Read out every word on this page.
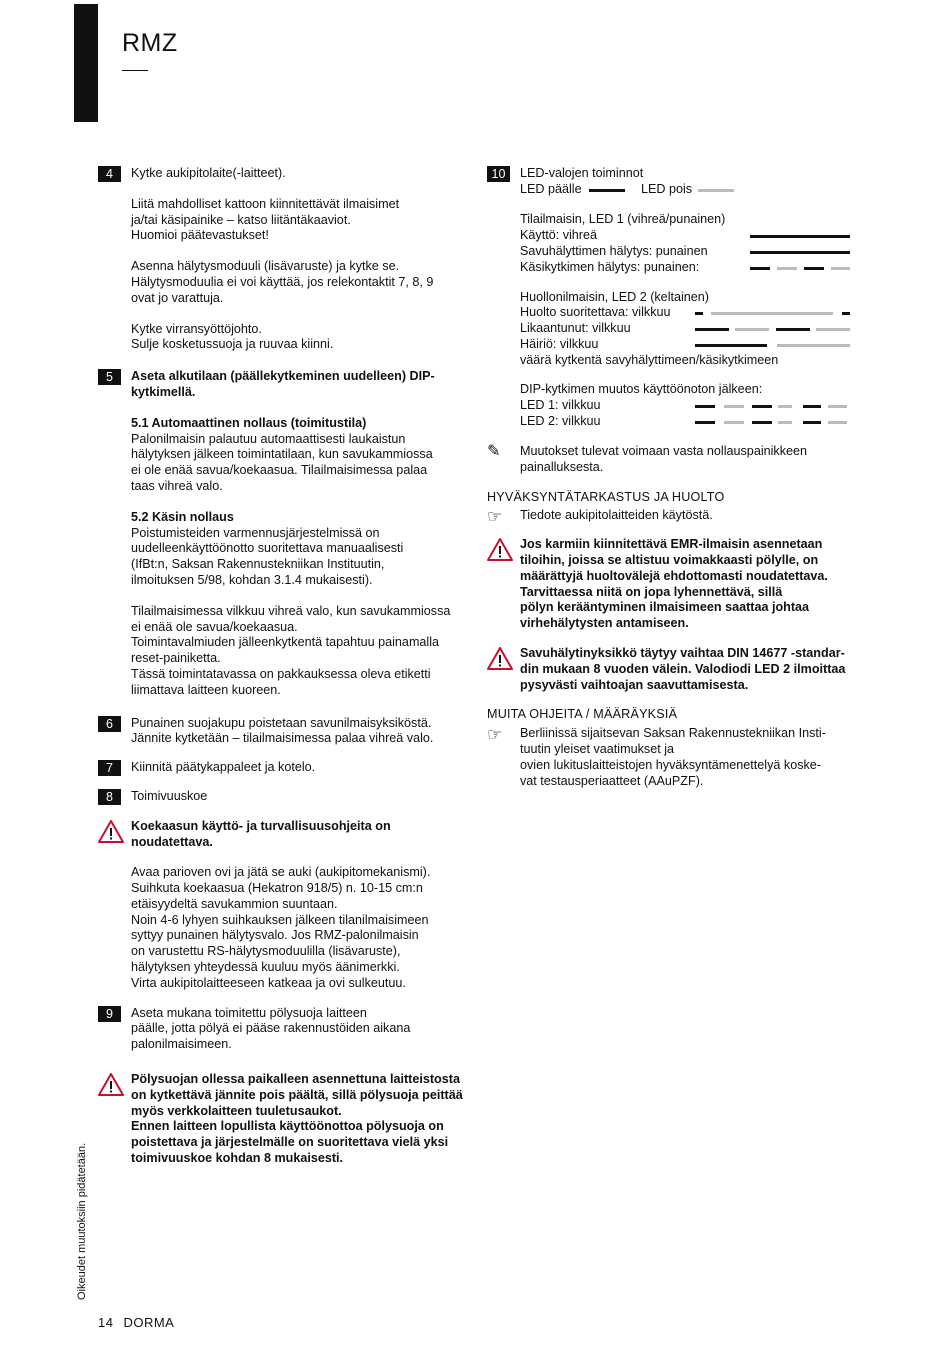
RMZ
4	Kytke aukipitolaite(-laitteet).

Liitä mahdolliset kattoon kiinnitettävät ilmaisimet
ja/tai käsipainike – katso liitäntäkaaviot.
Huomioi päätevastukset!

Asenna hälytysmoduuli (lisävaruste) ja kytke se.
Hälytysmoduulia ei voi käyttää, jos relekontaktit 7, 8, 9
ovat jo varattuja.

Kytke virransyöttöjohto.
Sulje kosketussuoja ja ruuvaa kiinni.

5	Aseta alkutilaan (päällekytkeminen uudelleen) DIP-
kytkimellä.

5.1 Automaattinen nollaus (toimitustila)
Palonilmaisin palautuu automaattisesti laukaistun
hälytyksen jälkeen toimintatilaan, kun savukammiossa
ei ole enää savua/koekaasua. Tilailmaisimessa palaa
taas vihreä valo.

5.2 Käsin nollaus
Poistumisteiden varmennusjärjestelmissä on
uudelleenkäyttöönotto suoritettava manuaalisesti
(IfBt:n, Saksan Rakennustekniikan Instituutin,
ilmoituksen 5/98, kohdan 3.1.4 mukaisesti).

Tilailmaisimessa vilkkuu vihreä valo, kun savukammiossa
ei enää ole savua/koekaasua.
Toimintavalmiuden jälleenkytkentä tapahtuu painamalla
reset-painiketta.
Tässä toimintatavassa on pakkauksessa oleva etiketti
liimattava laitteen kuoreen.

6	Punainen suojakupu poistetaan savunilmaisyksiköstä.
Jännite kytketään – tilailmaisimessa palaa vihreä valo.

7	Kiinnitä päätykappaleet ja kotelo.

8	Toimivuuskoe

Koekaasun käyttö- ja turvallisuusohjeita on
noudatettava.

Avaa parioven ovi ja jätä se auki (aukipitomekanismi).
Suihkuta koekaasua (Hekatron 918/5) n. 10-15 cm:n
etäisyydeltä savukammion suuntaan.
Noin 4-6 lyhyen suihkauksen jälkeen tilanilmaisimeen
syttyy punainen hälytysvalo. Jos RMZ-palonilmaisin
on varustettu RS-hälytysmoduulilla (lisävaruste),
hälytyksen yhteydessä kuuluu myös äänimerkki.
Virta aukipitolaitteeseen katkeaa ja ovi sulkeutuu.

9	Aseta mukana toimitettu pölysuoja laitteen
päälle, jotta pölyä ei pääse rakennustöiden aikana
palonilmaisimeen.

Pölysuojan ollessa paikalleen asennettuna laitteistosta
on kytkettävä jännite pois päältä, sillä pölysuoja peittää
myös verkkolaitteen tuuletusaukot.
Ennen laitteen lopullista käyttöönottoa pölysuoja on
poistettava ja järjestelmälle on suoritettava vielä yksi
toimivuuskoe kohdan 8 mukaisesti.

10	LED-valojen toiminnot

LED päälle	LED pois

Tilailmaisin, LED 1 (vihreä/punainen)

Käyttö: vihreä
Savuhälyttimen hälytys: punainen
Käsikytkimen hälytys: punainen:

Huollonilmaisin, LED 2 (keltainen)

Huolto suoritettava: vilkkuu
Likaantunut: vilkkuu
Häiriö: vilkkuu

väärä kytkentä savyhälyttimeen/käsikytkimeen

DIP-kytkimen muutos käyttöönoton jälkeen:

LED 1: vilkkuu
LED 2: vilkkuu
✎ Muutokset tulevat voimaan vasta nollauspainikkeen
painalluksesta.

HYVÄKSYNTÄTARKASTUS JA HUOLTO
☞ Tiedote aukipitolaitteiden käytöstä.

Jos karmiin kiinnitettävä EMR-ilmaisin asennetaan
tiloihin, joissa se altistuu voimakkaasti pölylle, on
määrättyjä huoltovälejä ehdottomasti noudatettava.
Tarvittaessa niitä on jopa lyhennettävä, sillä
pölyn kerääntyminen ilmaisimeen saattaa johtaa
virhehälytysten antamiseen.

Savuhälytinyksikkö täytyy vaihtaa DIN 14677 -standar-
din mukaan 8 vuoden välein. Valodiodi LED 2 ilmoittaa
pysyvästi vaihtoajan saavuttamisesta.

MUITA OHJEITA / MÄÄRÄYKSIÄ
☞ Berliinissä sijaitsevan Saksan Rakennustekniikan Insti-
tuutin yleiset vaatimukset ja
ovien lukituslaitteistojen hyväksyntämenettelyä koske-
vat testausperiaatteet (AAuPZF).

Oikeudet muutoksiin pidätetään.
14 DORMA
